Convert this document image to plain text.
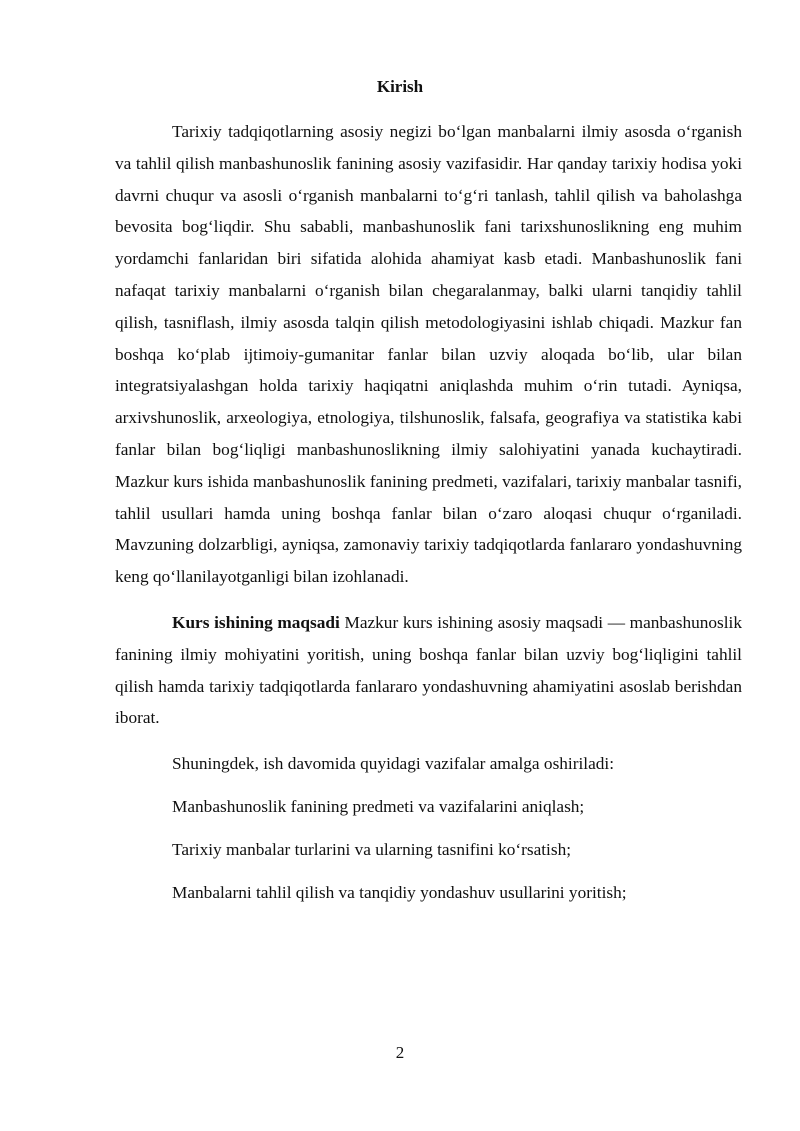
Kirish

Tarixiy tadqiqotlarning asosiy negizi bo‘lgan manbalarni ilmiy asosda o‘rganish va tahlil qilish manbashunoslik fanining asosiy vazifasidir. Har qanday tarixiy hodisa yoki davrni chuqur va asosli o‘rganish manbalarni to‘g‘ri tanlash, tahlil qilish va baholashga bevosita bog‘liqdir. Shu sababli, manbashunoslik fani tarixshunoslikning eng muhim yordamchi fanlaridan biri sifatida alohida ahamiyat kasb etadi. Manbashunoslik fani nafaqat tarixiy manbalarni o‘rganish bilan chegaralanmay, balki ularni tanqidiy tahlil qilish, tasniflash, ilmiy asosda talqin qilish metodologiyasini ishlab chiqadi. Mazkur fan boshqa ko‘plab ijtimoiy-gumanitar fanlar bilan uzviy aloqada bo‘lib, ular bilan integratsiyalashgan holda tarixiy haqiqatni aniqlashda muhim o‘rin tutadi. Ayniqsa, arxivshunoslik, arxeologiya, etnologiya, tilshunoslik, falsafa, geografiya va statistika kabi fanlar bilan bog‘liqligi manbashunoslikning ilmiy salohiyatini yanada kuchaytiradi. Mazkur kurs ishida manbashunoslik fanining predmeti, vazifalari, tarixiy manbalar tasnifi, tahlil usullari hamda uning boshqa fanlar bilan o‘zaro aloqasi chuqur o‘rganiladi. Mavzuning dolzarbligi, ayniqsa, zamonaviy tarixiy tadqiqotlarda fanlararo yondashuvning keng qo‘llanilayotganligi bilan izohlanadi.

Kurs ishining maqsadi Mazkur kurs ishining asosiy maqsadi — manbashunoslik fanining ilmiy mohiyatini yoritish, uning boshqa fanlar bilan uzviy bog‘liqligini tahlil qilish hamda tarixiy tadqiqotlarda fanlararo yondashuvning ahamiyatini asoslab berishdan iborat.

Shuningdek, ish davomida quyidagi vazifalar amalga oshiriladi:

Manbashunoslik fanining predmeti va vazifalarini aniqlash;

Tarixiy manbalar turlarini va ularning tasnifini ko‘rsatish;

Manbalarni tahlil qilish va tanqidiy yondashuv usullarini yoritish;

2
